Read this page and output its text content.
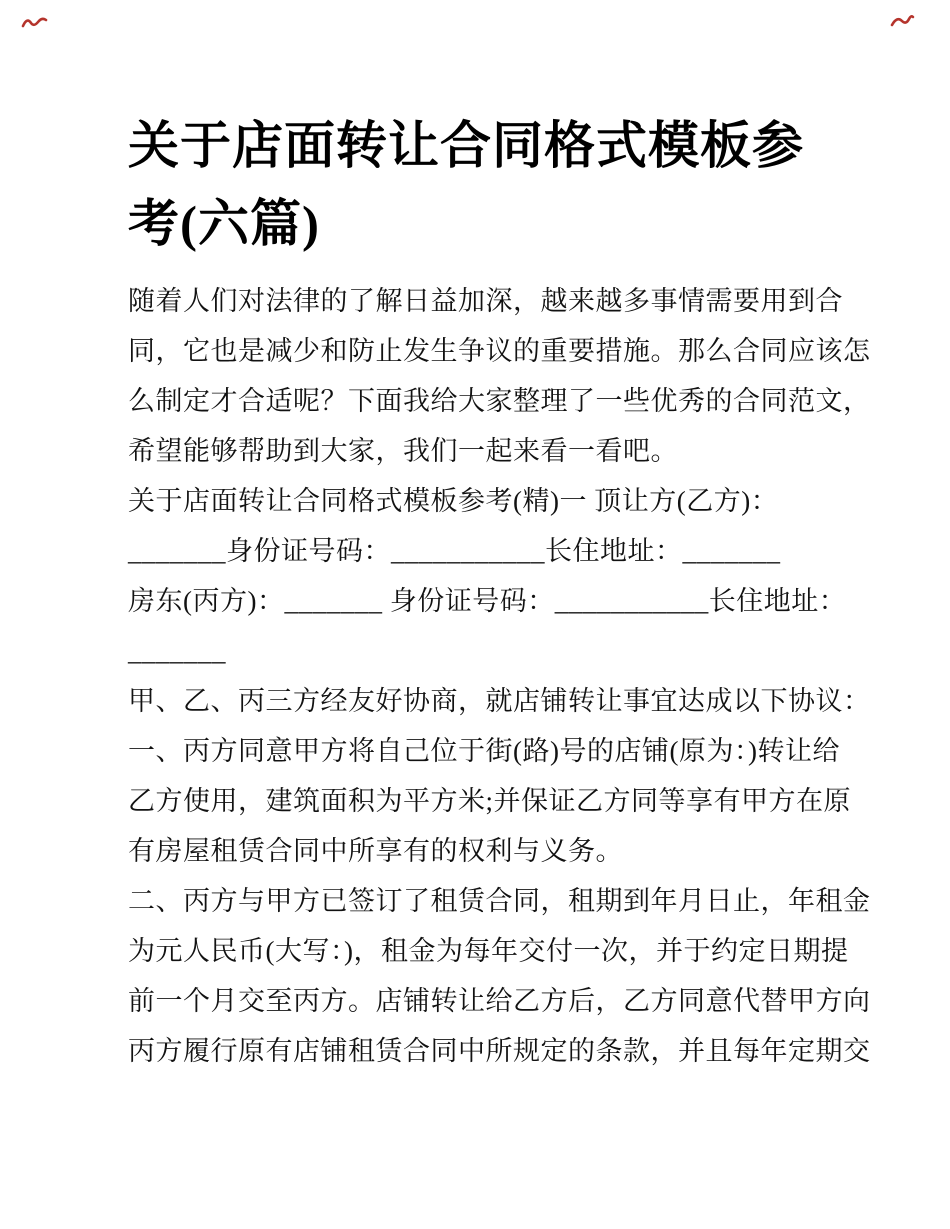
关于店面转让合同格式模板参
考(六篇)
随着人们对法律的了解日益加深，越来越多事情需要用到合
同，它也是减少和防止发生争议的重要措施。那么合同应该怎
么制定才合适呢？下面我给大家整理了一些优秀的合同范文，
希望能够帮助到大家，我们一起来看一看吧。
关于店面转让合同格式模板参考(精)一 顶让方(乙方)：
_______身份证号码：___________长住地址：_______
房东(丙方)：_______ 身份证号码：___________长住地址：
_______
甲、乙、丙三方经友好协商，就店铺转让事宜达成以下协议：
一、丙方同意甲方将自己位于街(路)号的店铺(原为：)转让给
乙方使用，建筑面积为平方米;并保证乙方同等享有甲方在原
有房屋租赁合同中所享有的权利与义务。
二、丙方与甲方已签订了租赁合同，租期到年月日止，年租金
为元人民币(大写：)，租金为每年交付一次，并于约定日期提
前一个月交至丙方。店铺转让给乙方后，乙方同意代替甲方向
丙方履行原有店铺租赁合同中所规定的条款，并且每年定期交
